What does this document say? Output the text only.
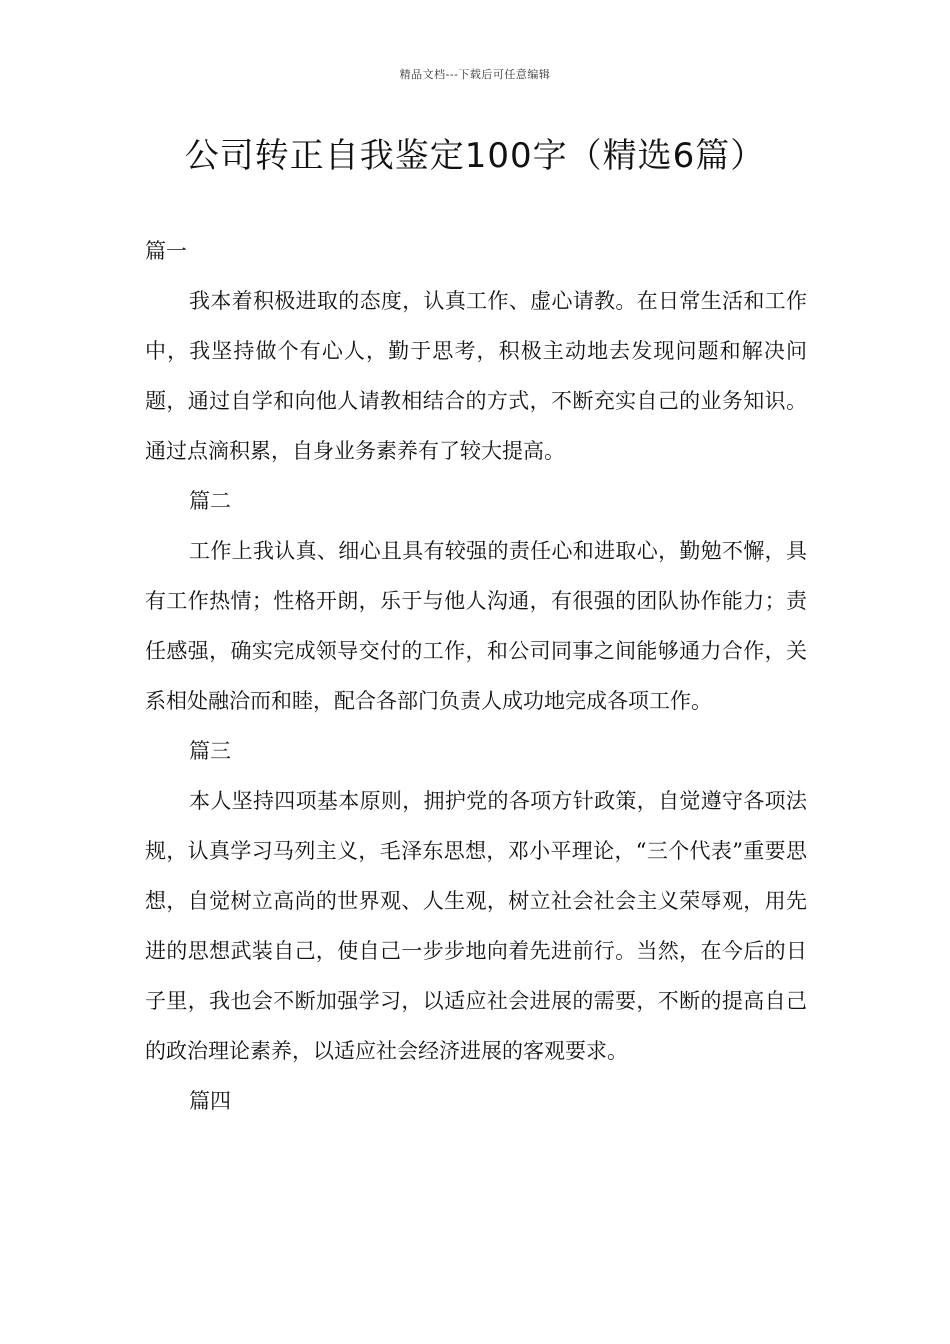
精品文档---下载后可任意编辑
公司转正自我鉴定100字（精选6篇）

篇一

我本着积极进取的态度，认真工作、虚心请教。在日常生活和工作中，我坚持做个有心人，勤于思考，积极主动地去发现问题和解决问题，通过自学和向他人请教相结合的方式，不断充实自己的业务知识。通过点滴积累，自身业务素养有了较大提高。

篇二

工作上我认真、细心且具有较强的责任心和进取心，勤勉不懈，具有工作热情；性格开朗，乐于与他人沟通，有很强的团队协作能力；责任感强，确实完成领导交付的工作，和公司同事之间能够通力合作，关系相处融洽而和睦，配合各部门负责人成功地完成各项工作。

篇三

本人坚持四项基本原则，拥护党的各项方针政策，自觉遵守各项法规，认真学习马列主义，毛泽东思想，邓小平理论，“三个代表”重要思想，自觉树立高尚的世界观、人生观，树立社会社会主义荣辱观，用先进的思想武装自己，使自己一步步地向着先进前行。当然，在今后的日子里，我也会不断加强学习，以适应社会进展的需要，不断的提高自己的政治理论素养，以适应社会经济进展的客观要求。

篇四
